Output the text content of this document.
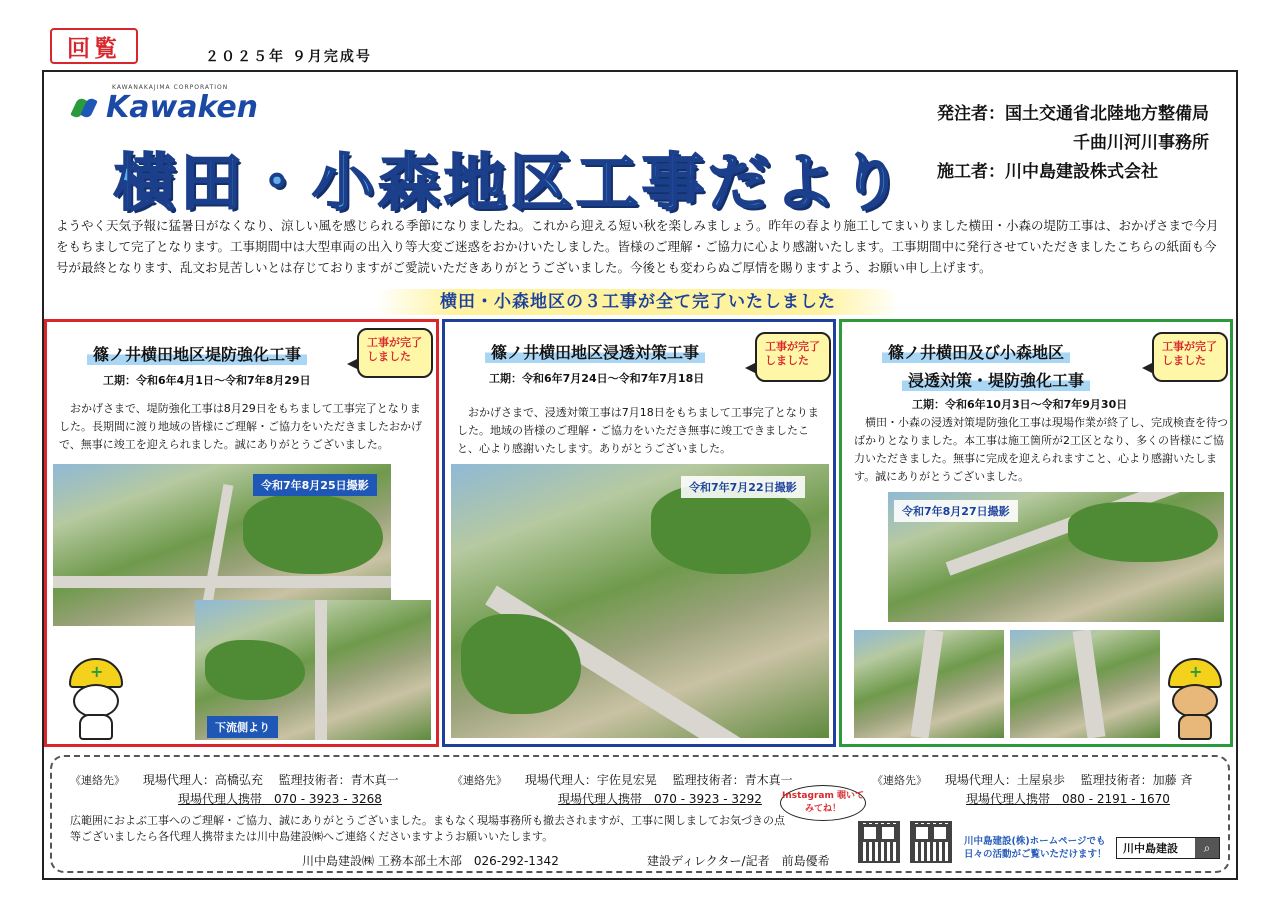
回覧	２０２５年 ９月完成号
Kawaken
KAWANAKAJIMA CORPORATION
横田・小森地区工事だより
発注者：国土交通省北陸地方整備局
千曲川河川事務所
施工者：川中島建設株式会社
ようやく天気予報に猛暑日がなくなり、涼しい風を感じられる季節になりましたね。これから迎える短い秋を楽しみましょう。昨年の春より施工してまいりました横田・小森の堤防工事は、おかげさまで今月をもちまして完了となります。工事期間中は大型車両の出入り等大変ご迷惑をおかけいたしました。皆様のご理解・ご協力に心より感謝いたします。工事期間中に発行させていただきましたこちらの紙面も今号が最終となります、乱文お見苦しいとは存じておりますがご愛読いただきありがとうございました。今後とも変わらぬご厚情を賜りますよう、お願い申し上げます。
横田・小森地区の３工事が全て完了いたしました
篠ノ井横田地区堤防強化工事
工事が完了しました
工期：令和6年4月1日～令和7年8月29日
おかげさまで、堤防強化工事は8月29日をもちまして工事完了となりました。長期間に渡り地域の皆様にご理解・ご協力をいただきましたおかげで、無事に竣工を迎えられました。誠にありがとうございました。
令和7年8月25日撮影
下流側より
+
篠ノ井横田地区浸透対策工事	工事が完了しました
工期：令和6年7月24日～令和7年7月18日
おかげさまで、浸透対策工事は7月18日をもちまして工事完了となりました。地域の皆様のご理解・ご協力をいただき無事に竣工できましたこと、心より感謝いたします。ありがとうございました。
令和7年7月22日撮影
篠ノ井横田及び小森地区
浸透対策・堤防強化工事
工事が完了しました
工期：令和6年10月3日～令和7年9月30日
横田・小森の浸透対策堤防強化工事は現場作業が終了し、完成検査を待つばかりとなりました。本工事は施工箇所が2工区となり、多くの皆様にご協力いただきました。無事に完成を迎えられますこと、心より感謝いたします。誠にありがとうございました。
令和7年8月27日撮影
+
《連絡先》 現場代理人：高橋弘充　 監理技術者：青木真一
現場代理人携帯　070 - 3923 - 3268
《連絡先》 現場代理人：宇佐見宏晃　 監理技術者：青木真一
現場代理人携帯　070 - 3923 - 3292
《連絡先》 現場代理人：土屋泉歩　 監理技術者：加藤 斉
現場代理人携帯　080 - 2191 - 1670
広範囲におよぶ工事へのご理解・ご協力、誠にありがとうございました。まもなく現場事務所も撤去されますが、工事に関しましてお気づきの点等ございましたら各代理人携帯または川中島建設㈱へご連絡くださいますようお願いいたします。
川中島建設㈱ 工務本部土木部　026-292-1342	建設ディレクター/記者　前島優希
Instagram 覗いてみてね！
川中島建設(株)ホームページでも
日々の活動がご覧いただけます！	川中島建設	⌕
